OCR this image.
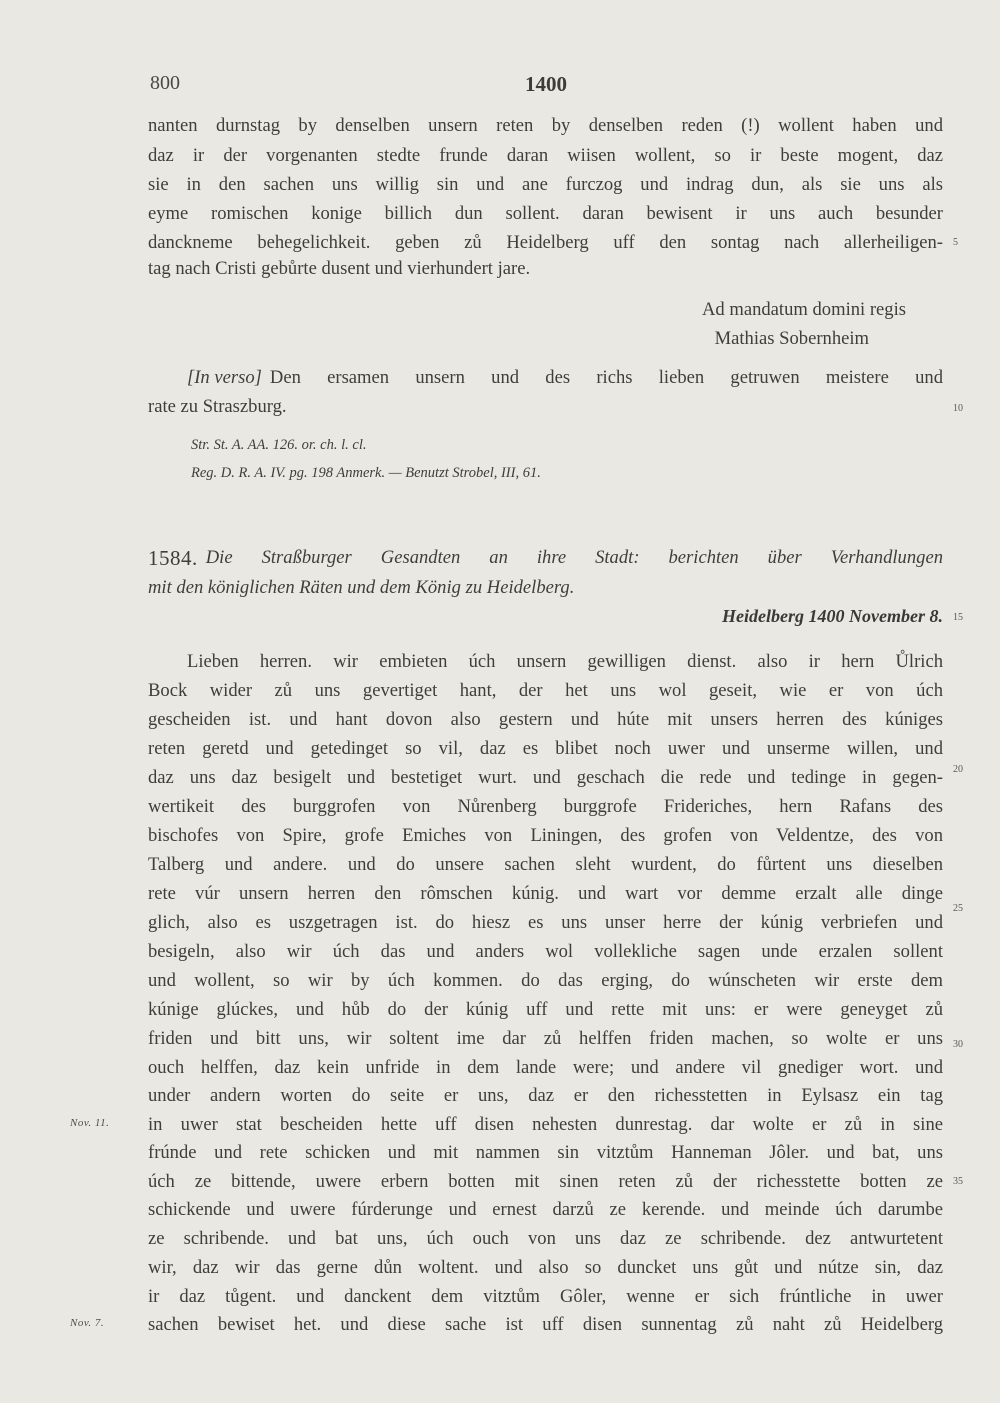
800	1400
nanten durnstag by denselben unsern reten by denselben reden (!) wollent haben und
daz ir der vorgenanten stedte frunde daran wiisen wollent, so ir beste mogent, daz
sie in den sachen uns willig sin und ane furczog und indrag dun, als sie uns als
eyme romischen konige billich dun sollent. daran bewisent ir uns auch besunder
danckneme behegelichkeit. geben zů Heidelberg uff den sontag nach allerheiligen-
tag nach Cristi gebůrte dusent und vierhundert jare.
Ad mandatum domini regis
Mathias Sobernheim
[In verso] Den ersamen unsern und des richs lieben getruwen meistere und
rate zu Straszburg.
Str. St. A. AA. 126. or. ch. l. cl.
Reg. D. R. A. IV. pg. 198 Anmerk. — Benutzt Strobel, III, 61.
1584. Die Straßburger Gesandten an ihre Stadt: berichten über Verhandlungen
mit den königlichen Räten und dem König zu Heidelberg.
Heidelberg 1400 November 8.
Lieben herren. wir embieten úch unsern gewilligen dienst. also ir hern Ůlrich
Bock wider zů uns gevertiget hant, der het uns wol geseit, wie er von úch
gescheiden ist. und hant dovon also gestern und húte mit unsers herren des kúniges
reten geretd und getedinget so vil, daz es blibet noch uwer und unserme willen, und
daz uns daz besigelt und bestetiget wurt. und geschach die rede und tedinge in gegen-
wertikeit des burggrofen von Nůrenberg burggrofe Frideriches, hern Rafans des
bischofes von Spire, grofe Emiches von Liningen, des grofen von Veldentze, des von
Talberg und andere. und do unsere sachen sleht wurdent, do fůrtent uns dieselben
rete vúr unsern herren den rômschen kúnig. und wart vor demme erzalt alle dinge
glich, also es uszgetragen ist. do hiesz es uns unser herre der kúnig verbriefen und
besigeln, also wir úch das und anders wol vollekliche sagen unde erzalen sollent
und wollent, so wir by úch kommen. do das erging, do wúnscheten wir erste dem
kúnige glúckes, und hůb do der kúnig uff und rette mit uns: er were geneyget zů
friden und bitt uns, wir soltent ime dar zů helffen friden machen, so wolte er uns
ouch helffen, daz kein unfride in dem lande were; und andere vil gnediger wort. und
under andern worten do seite er uns, daz er den richesstetten in Eylsasz ein tag
in uwer stat bescheiden hette uff disen nehesten dunrestag. dar wolte er zů in sine
frúnde und rete schicken und mit nammen sin vitztům Hanneman Jôler. und bat, uns
úch ze bittende, uwere erbern botten mit sinen reten zů der richesstette botten ze
schickende und uwere fúrderunge und ernest darzů ze kerende. und meinde úch darumbe
ze schribende. und bat uns, úch ouch von uns daz ze schribende. dez antwurtetent
wir, daz wir das gerne důn woltent. und also so duncket uns gůt und nútze sin, daz
ir daz tůgent. und danckent dem vitztům Gôler, wenne er sich frúntliche in uwer
sachen bewiset het. und diese sache ist uff disen sunnentag zů naht zů Heidelberg
5
10
15
20
25
30
35
Nov. 11.
Nov. 7.
